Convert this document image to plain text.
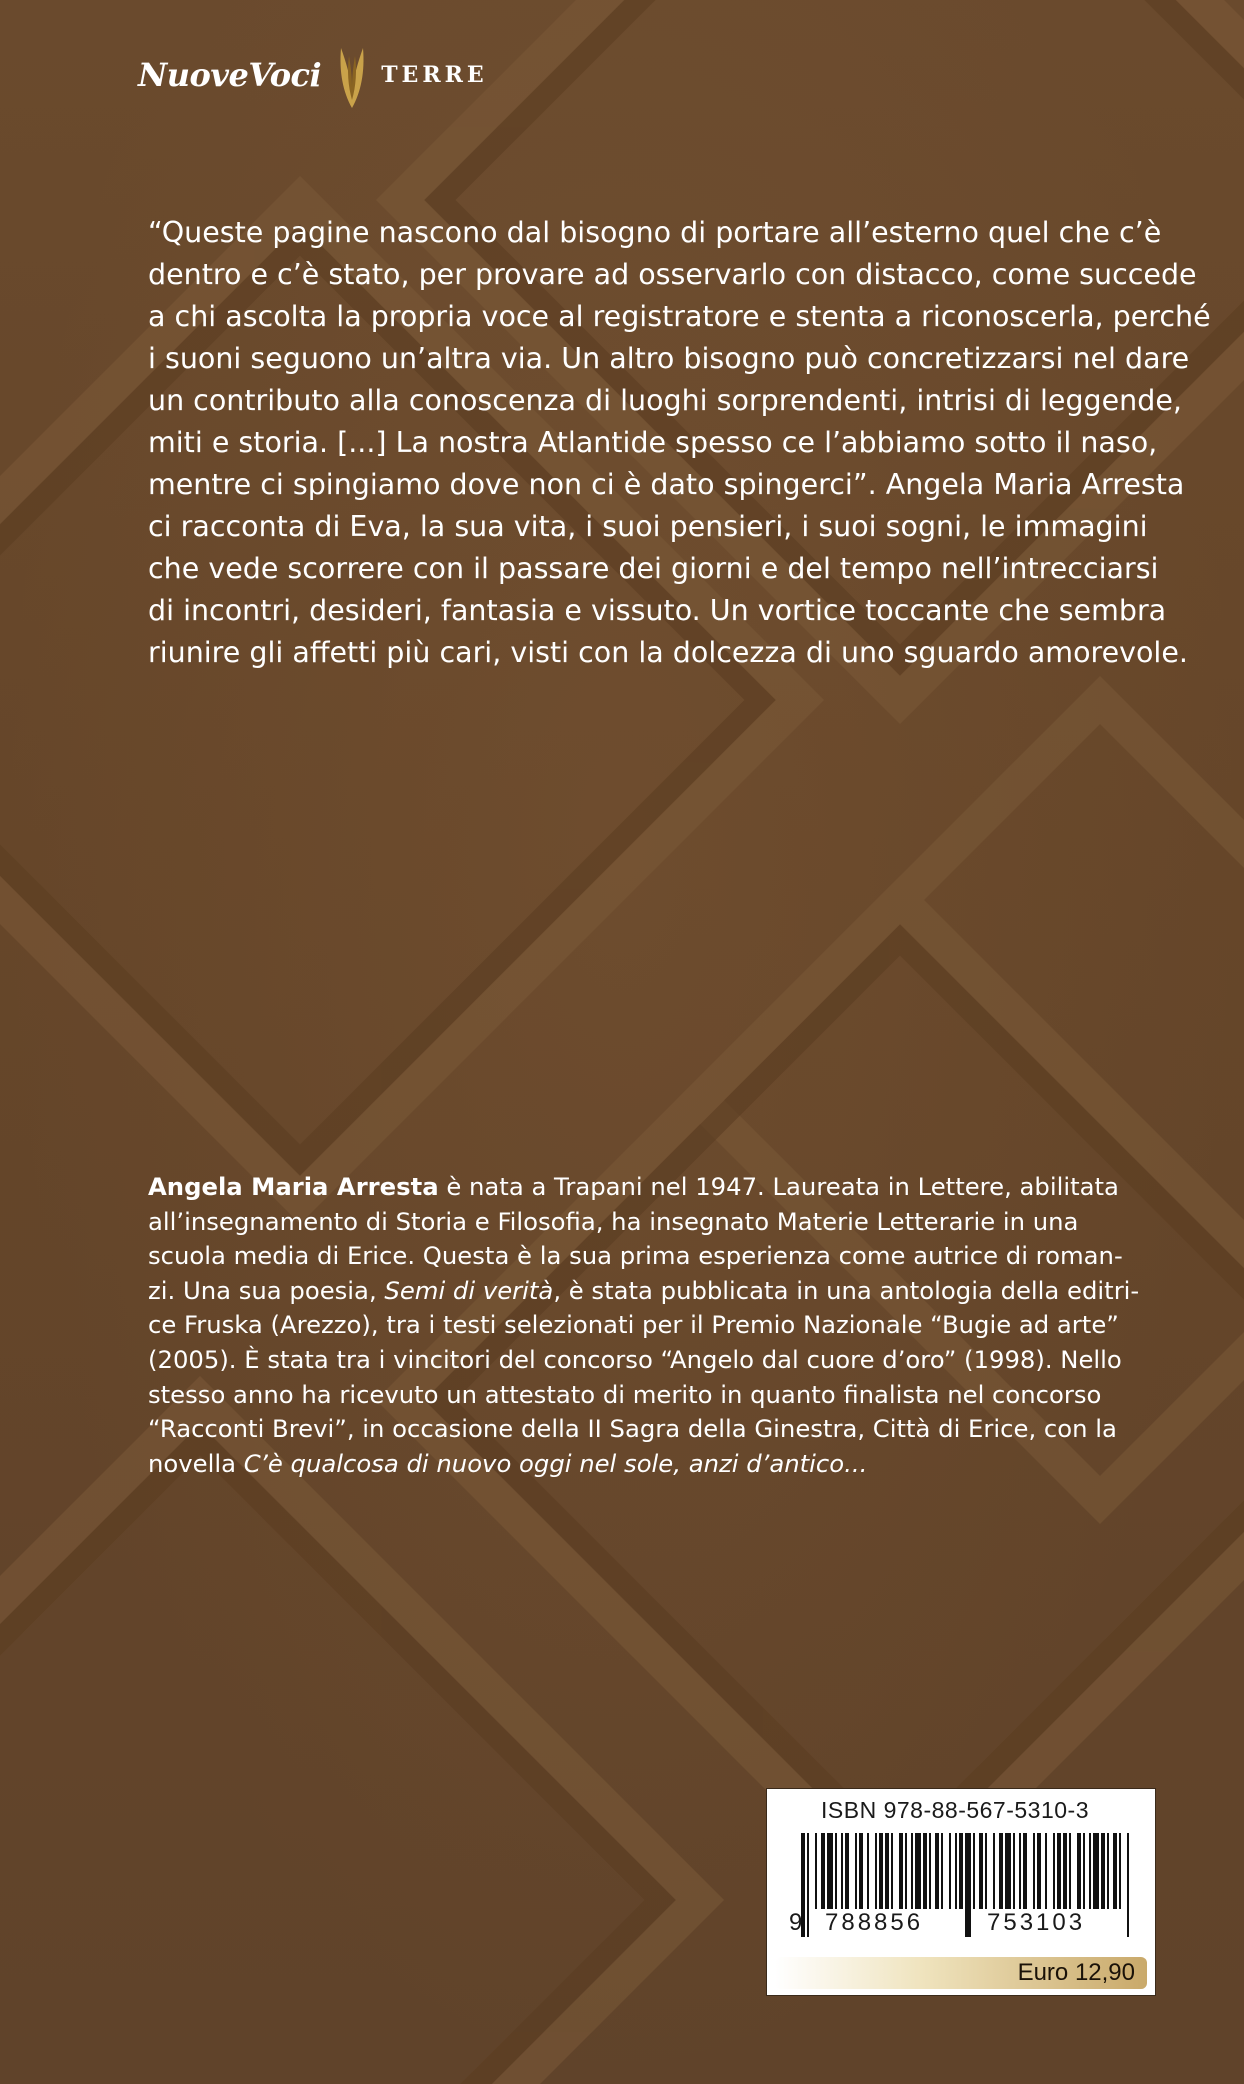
NuoveVoci	TERRE
“Queste pagine nascono dal bisogno di portare all’esterno quel che c’è
dentro e c’è stato, per provare ad osservarlo con distacco, come succede
a chi ascolta la propria voce al registratore e stenta a riconoscerla, perché
i suoni seguono un’altra via. Un altro bisogno può concretizzarsi nel dare
un contributo alla conoscenza di luoghi sorprendenti, intrisi di leggende,
miti e storia. [...] La nostra Atlantide spesso ce l’abbiamo sotto il naso,
mentre ci spingiamo dove non ci è dato spingerci”. Angela Maria Arresta
ci racconta di Eva, la sua vita, i suoi pensieri, i suoi sogni, le immagini
che vede scorrere con il passare dei giorni e del tempo nell’intrecciarsi
di incontri, desideri, fantasia e vissuto. Un vortice toccante che sembra
riunire gli affetti più cari, visti con la dolcezza di uno sguardo amorevole.
Angela Maria Arresta è nata a Trapani nel 1947. Laureata in Lettere, abilitata
all’insegnamento di Storia e Filosofia, ha insegnato Materie Letterarie in una
scuola media di Erice. Questa è la sua prima esperienza come autrice di roman-
zi. Una sua poesia, Semi di verità, è stata pubblicata in una antologia della editri-
ce Fruska (Arezzo), tra i testi selezionati per il Premio Nazionale “Bugie ad arte”
(2005). È stata tra i vincitori del concorso “Angelo dal cuore d’oro” (1998). Nello
stesso anno ha ricevuto un attestato di merito in quanto finalista nel concorso
“Racconti Brevi”, in occasione della II Sagra della Ginestra, Città di Erice, con la
novella C’è qualcosa di nuovo oggi nel sole, anzi d’antico...
ISBN 978-88-567-5310-3
9 788856	753103
Euro 12,90
